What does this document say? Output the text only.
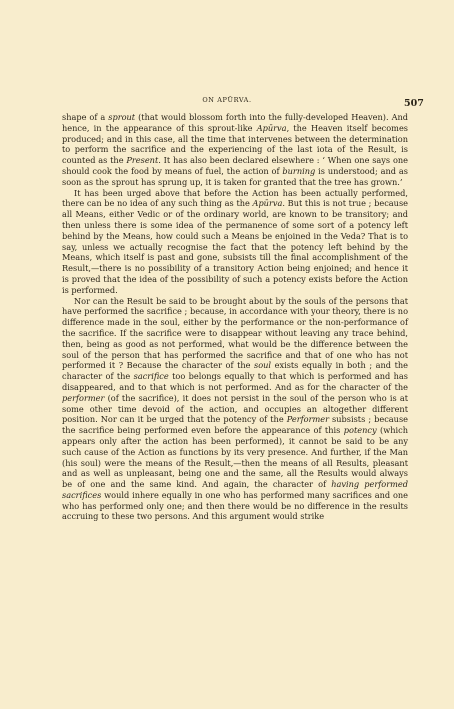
ON APŪRVA.	507

shape of a sprout (that would blossom forth into the fully-developed Heaven). And hence, in the appearance of this sprout-like Apūrva, the Heaven itself becomes produced; and in this case, all the time that intervenes between the determination to perform the sacrifice and the experiencing of the last iota of the Result, is counted as the Present. It has also been declared elsewhere : ‘ When one says one should cook the food by means of fuel, the action of burning is understood; and as soon as the sprout has sprung up, it is taken for granted that the tree has grown.’

It has been urged above that before the Action has been actually performed, there can be no idea of any such thing as the Apūrva. But this is not true ; because all Means, either Vedic or of the ordinary world, are known to be transitory; and then unless there is some idea of the permanence of some sort of a potency left behind by the Means, how could such a Means be enjoined in the Veda? That is to say, unless we actually recognise the fact that the potency left behind by the Means, which itself is past and gone, subsists till the final accomplishment of the Result,—there is no possibility of a transitory Action being enjoined; and hence it is proved that the idea of the possibility of such a potency exists before the Action is performed.

Nor can the Result be said to be brought about by the souls of the persons that have performed the sacrifice ; because, in accordance with your theory, there is no difference made in the soul, either by the performance or the non-performance of the sacrifice. If the sacrifice were to disappear without leaving any trace behind, then, being as good as not performed, what would be the difference between the soul of the person that has performed the sacrifice and that of one who has not performed it ? Because the character of the soul exists equally in both ; and the character of the sacrifice too belongs equally to that which is performed and has disappeared, and to that which is not performed. And as for the character of the performer (of the sacrifice), it does not persist in the soul of the person who is at some other time devoid of the action, and occupies an altogether different position. Nor can it be urged that the potency of the Performer subsists ; because the sacrifice being performed even before the appearance of this potency (which appears only after the action has been performed), it cannot be said to be any such cause of the Action as functions by its very presence. And further, if the Man (his soul) were the means of the Result,—then the means of all Results, pleasant and as well as unpleasant, being one and the same, all the Results would always be of one and the same kind. And again, the character of having performed sacrifices would inhere equally in one who has performed many sacrifices and one who has performed only one; and then there would be no difference in the results accruing to these two persons. And this argument would strike
